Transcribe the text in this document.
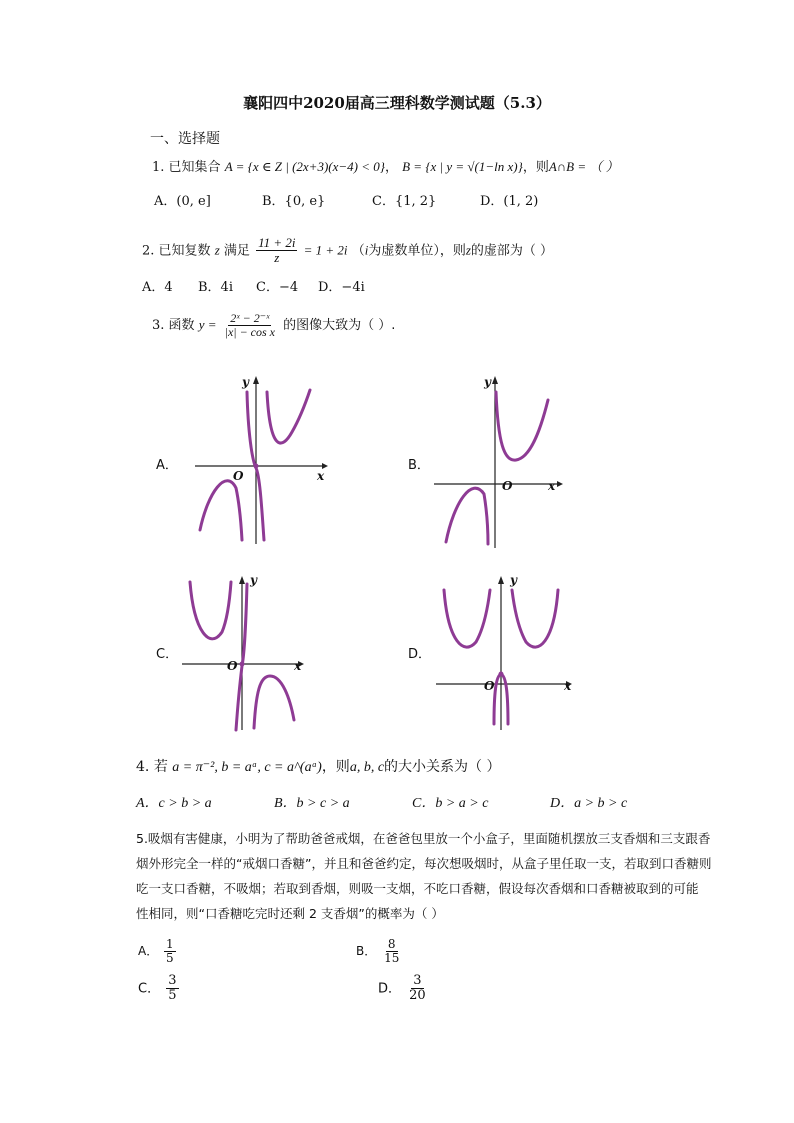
襄阳四中2020届高三理科数学测试题（5.3）
一、选择题
1. 已知集合 A = {x ∈ Z | (2x+3)(x−4) < 0}， B = {x | y = √(1−ln x)}，则A∩B = （ ）
A．(0, e]	B．{0, e}	C．{1, 2}	D．(1, 2)
2. 已知复数 z 满足 $\frac{11 + 2i}{z} = 1 + 2i$ （i为虚数单位），则z的虚部为（ ）
A．4 B．4i C．−4 D．−4i
3. 函数 $y = \frac{\text{2ˣ − 2⁻ˣ}}{\text{|x| − cos x}}$ 的图像大致为（ ）.
A．	B．
C．	D．
x
y
O
x
y
O
x
y
O
x
y
O
4. 若 a = π⁻², b = aᵃ, c = a^(aᵃ)，则a, b, c的大小关系为（ ）
A．c > b > a	B．b > c > a	C．b > a > c	D．a > b > c
5.吸烟有害健康，小明为了帮助爸爸戒烟，在爸爸包里放一个小盒子，里面随机摆放三支香烟和三支跟香
烟外形完全一样的“戒烟口香糖”，并且和爸爸约定，每次想吸烟时，从盒子里任取一支，若取到口香糖则
吃一支口香糖，不吸烟；若取到香烟，则吸一支烟，不吃口香糖，假设每次香烟和口香糖被取到的可能
性相同，则“口香糖吃完时还剩 2 支香烟”的概率为（ ）
A． $\frac{1}{5}$	B． $\frac{8}{15}$
C． $\frac{3}{5}$	D． $\frac{3}{20}$
